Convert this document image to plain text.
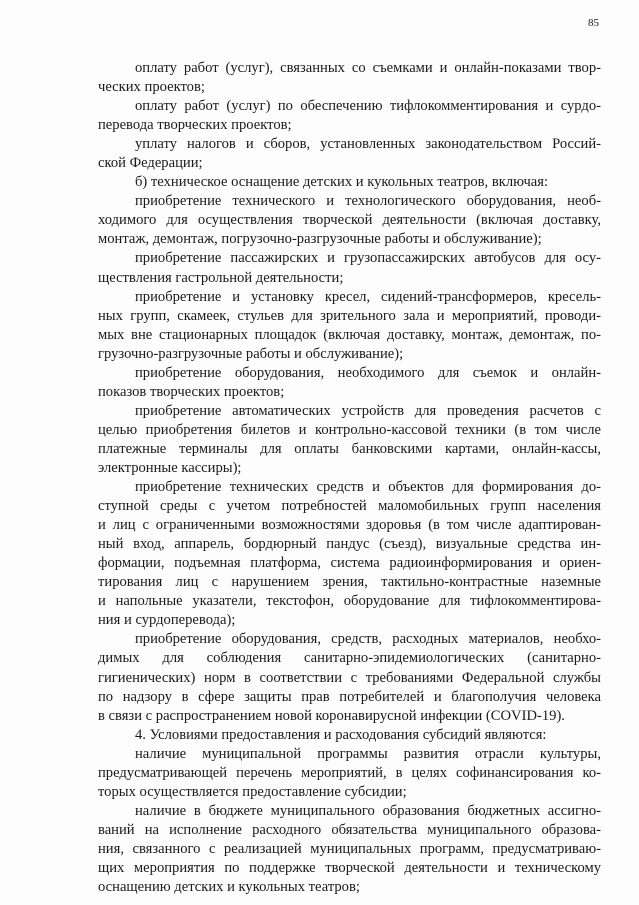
85
оплату работ (услуг), связанных со съемками и онлайн-показами твор-
ческих проектов;
оплату работ (услуг) по обеспечению тифлокомментирования и сурдо-
перевода творческих проектов;
уплату налогов и сборов, установленных законодательством Россий-
ской Федерации;
б) техническое оснащение детских и кукольных театров, включая:
приобретение технического и технологического оборудования, необ-
ходимого для осуществления творческой деятельности (включая доставку,
монтаж, демонтаж, погрузочно-разгрузочные работы и обслуживание);
приобретение пассажирских и грузопассажирских автобусов для осу-
ществления гастрольной деятельности;
приобретение и установку кресел, сидений-трансформеров, кресель-
ных групп, скамеек, стульев для зрительного зала и мероприятий, проводи-
мых вне стационарных площадок (включая доставку, монтаж, демонтаж, по-
грузочно-разгрузочные работы и обслуживание);
приобретение оборудования, необходимого для съемок и онлайн-
показов творческих проектов;
приобретение автоматических устройств для проведения расчетов с
целью приобретения билетов и контрольно-кассовой техники (в том числе
платежные терминалы для оплаты банковскими картами, онлайн-кассы,
электронные кассиры);
приобретение технических средств и объектов для формирования до-
ступной среды с учетом потребностей маломобильных групп населения
и лиц с ограниченными возможностями здоровья (в том числе адаптирован-
ный вход, аппарель, бордюрный пандус (съезд), визуальные средства ин-
формации, подъемная платформа, система радиоинформирования и ориен-
тирования лиц с нарушением зрения, тактильно-контрастные наземные
и напольные указатели, текстофон, оборудование для тифлокомментирова-
ния и сурдоперевода);
приобретение оборудования, средств, расходных материалов, необхо-
димых для соблюдения санитарно-эпидемиологических (санитарно-
гигиенических) норм в соответствии с требованиями Федеральной службы
по надзору в сфере защиты прав потребителей и благополучия человека
в связи с распространением новой коронавирусной инфекции (COVID-19).
4. Условиями предоставления и расходования субсидий являются:
наличие муниципальной программы развития отрасли культуры,
предусматривающей перечень мероприятий, в целях софинансирования ко-
торых осуществляется предоставление субсидии;
наличие в бюджете муниципального образования бюджетных ассигно-
ваний на исполнение расходного обязательства муниципального образова-
ния, связанного с реализацией муниципальных программ, предусматриваю-
щих мероприятия по поддержке творческой деятельности и техническому
оснащению детских и кукольных театров;
